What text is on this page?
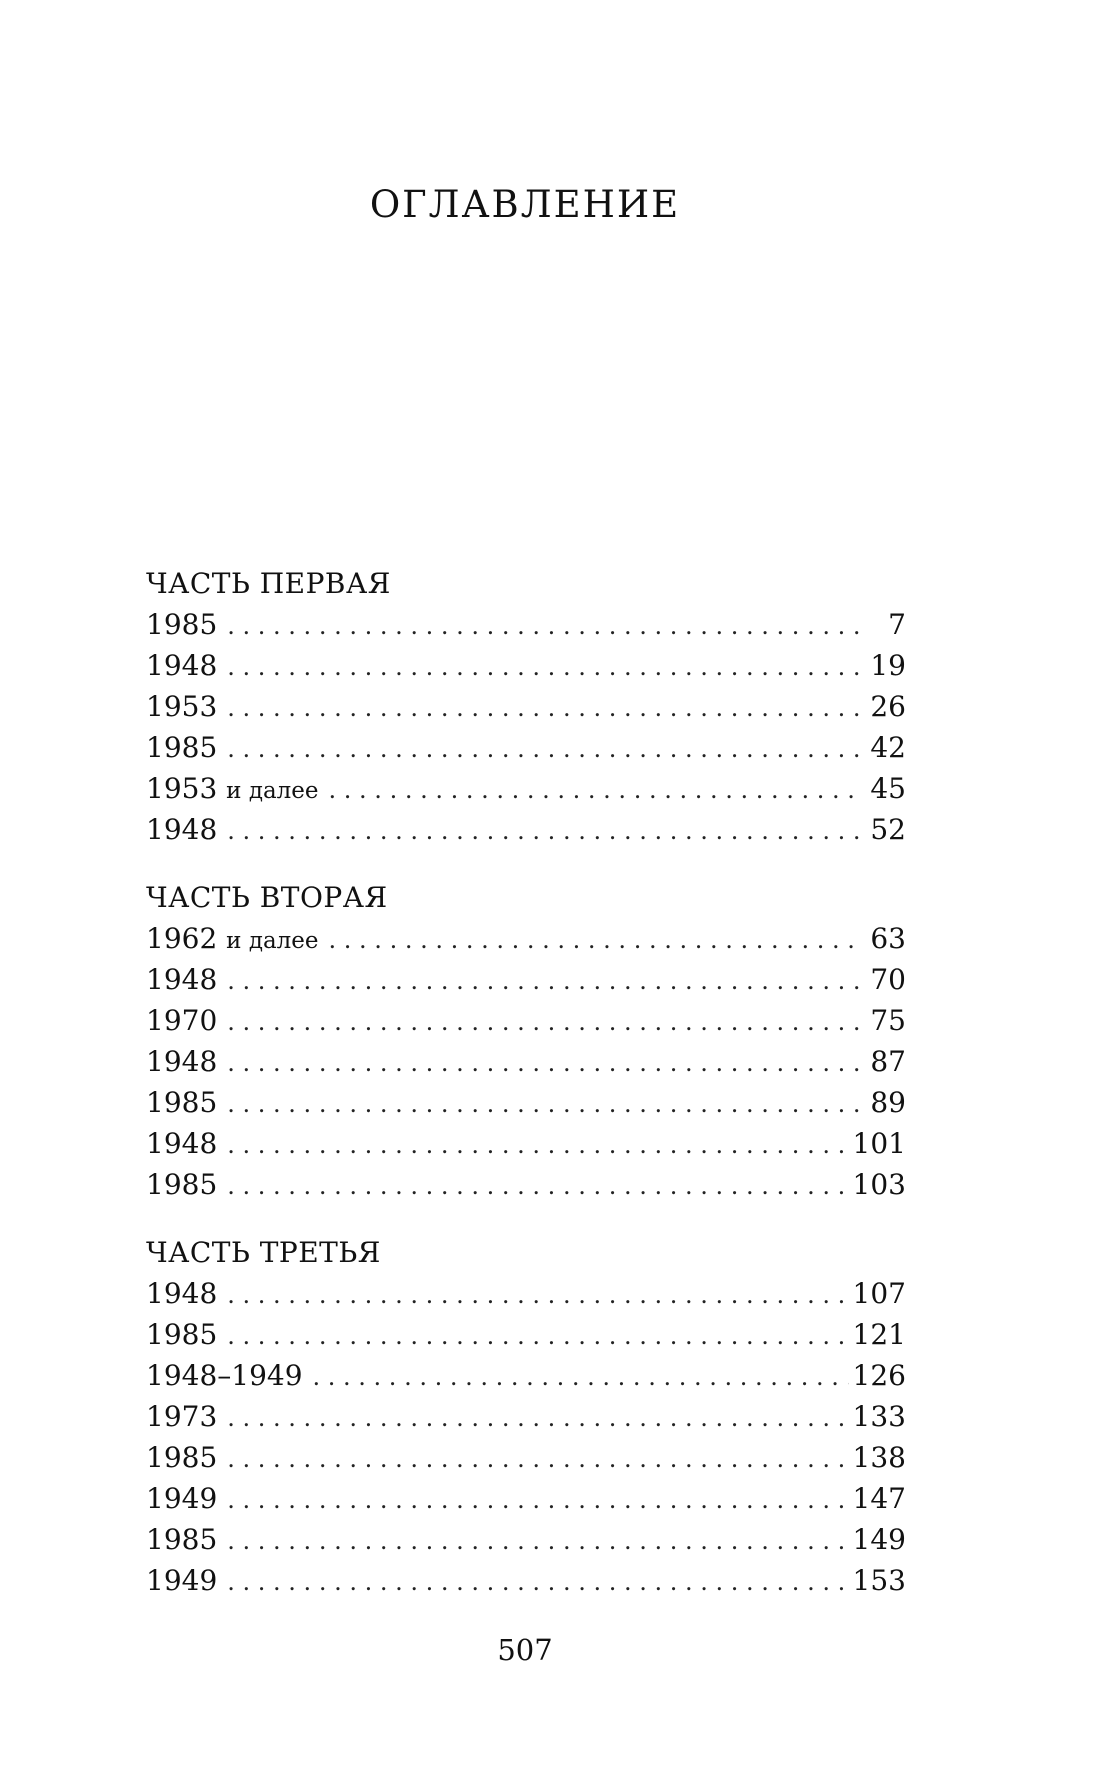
ОГЛАВЛЕНИЕ
ЧАСТЬ ПЕРВАЯ
1985 . . .	7
1948 . . .	19
1953 . . .	26
1985 . . .	42
1953 и далее . . .	45
1948 . . .	52
ЧАСТЬ ВТОРАЯ
1962 и далее . . .	63
1948 . . .	70
1970 . . .	75
1948 . . .	87
1985 . . .	89
1948 . . .	101
1985 . . .	103
ЧАСТЬ ТРЕТЬЯ
1948 . . .	107
1985 . . .	121
1948–1949 . . .	126
1973 . . .	133
1985 . . .	138
1949 . . .	147
1985 . . .	149
1949 . . .	153
507
